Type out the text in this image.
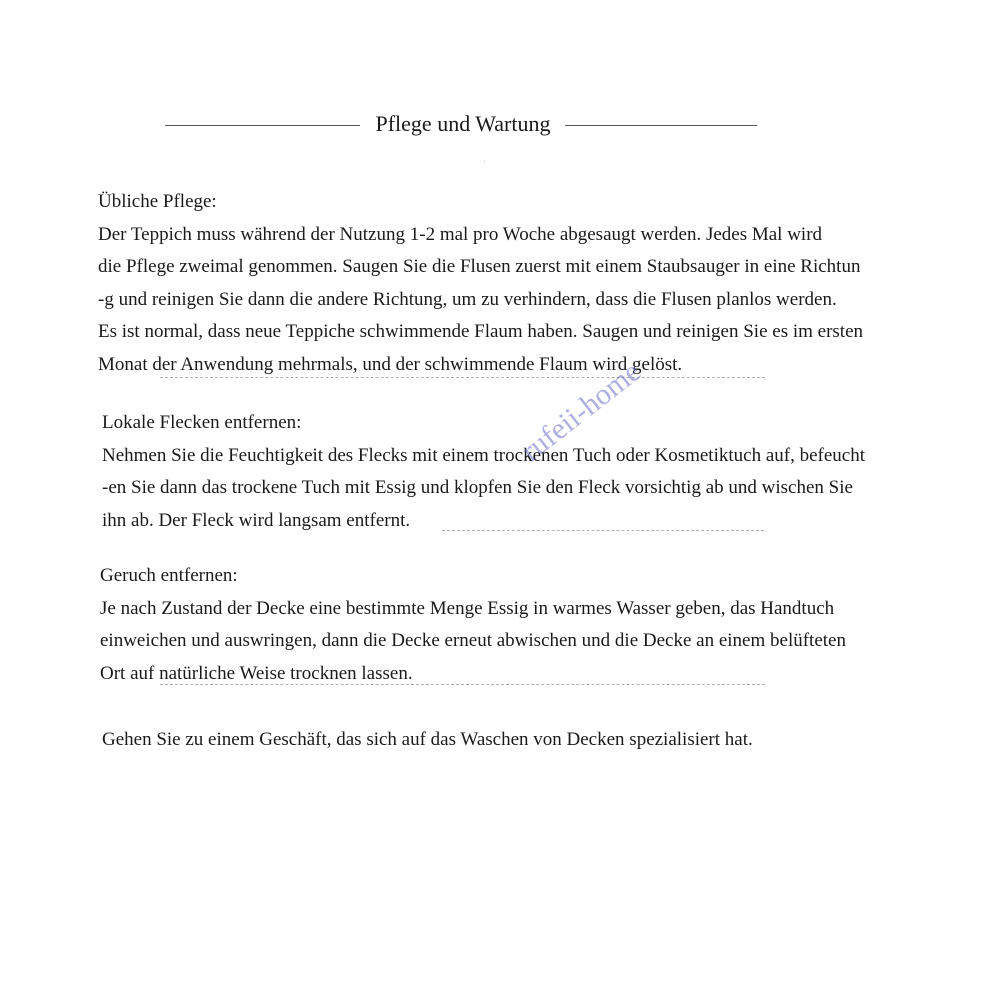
Pflege und Wartung
Übliche Pflege:
Der Teppich muss während der Nutzung 1-2 mal pro Woche abgesaugt werden. Jedes Mal wird
die Pflege zweimal genommen. Saugen Sie die Flusen zuerst mit einem Staubsauger in eine Richtun
-g und reinigen Sie dann die andere Richtung, um zu verhindern, dass die Flusen planlos werden.
Es ist normal, dass neue Teppiche schwimmende Flaum haben. Saugen und reinigen Sie es im ersten
Monat der Anwendung mehrmals, und der schwimmende Flaum wird gelöst.
Lokale Flecken entfernen:
Nehmen Sie die Feuchtigkeit des Flecks mit einem trockenen Tuch oder Kosmetiktuch auf, befeucht
-en Sie dann das trockene Tuch mit Essig und klopfen Sie den Fleck vorsichtig ab und wischen Sie
ihn ab. Der Fleck wird langsam entfernt.
Geruch entfernen:
Je nach Zustand der Decke eine bestimmte Menge Essig in warmes Wasser geben, das Handtuch
einweichen und auswringen, dann die Decke erneut abwischen und die Decke an einem belüfteten
Ort auf natürliche Weise trocknen lassen.
Gehen Sie zu einem Geschäft, das sich auf das Waschen von Decken spezialisiert hat.
rufeii-home
